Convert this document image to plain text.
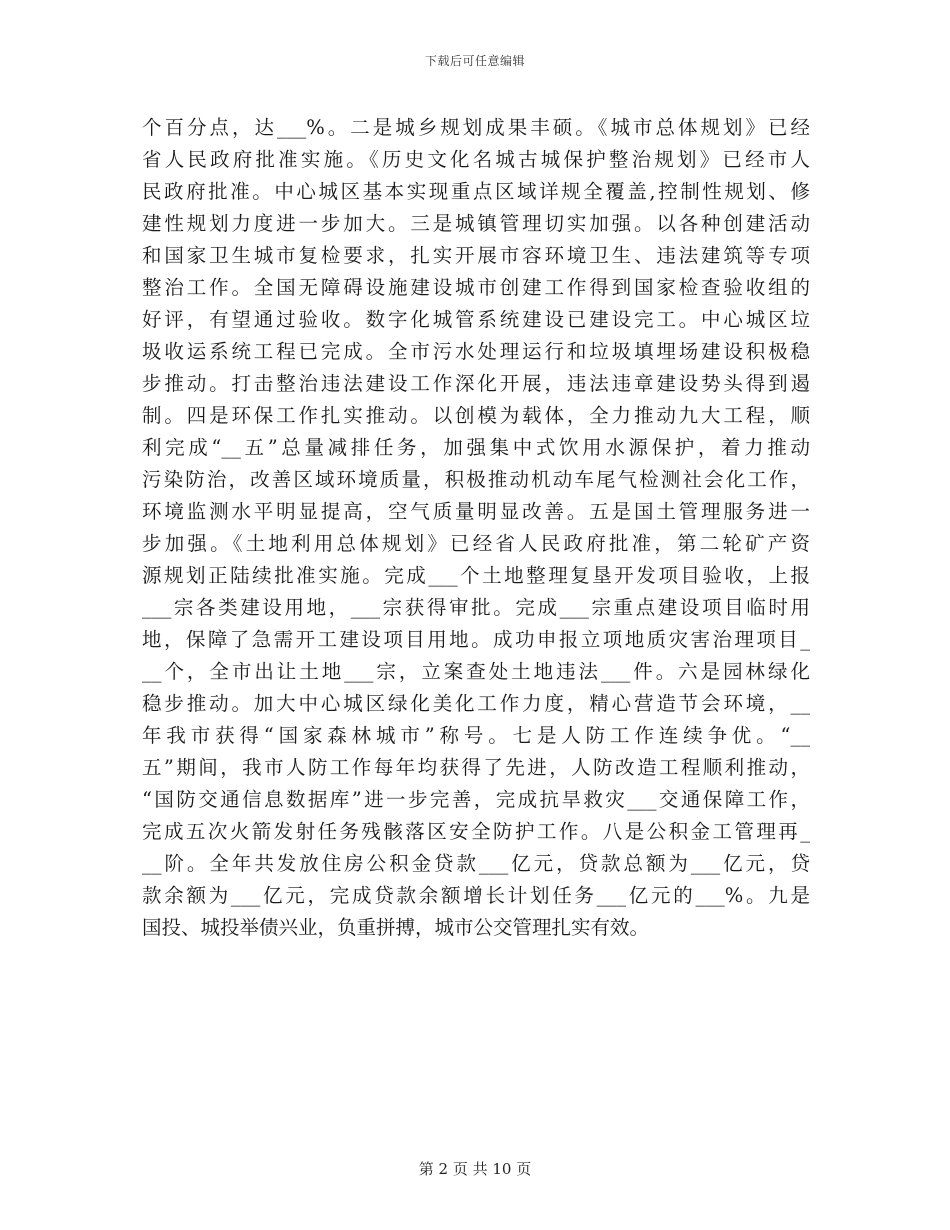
下载后可任意编辑
个百分点，达___%。二是城乡规划成果丰硕。《城市总体规划》已经
省人民政府批准实施。《历史文化名城古城保护整治规划》已经市人
民政府批准。中心城区基本实现重点区域详规全覆盖,控制性规划、修
建性规划力度进一步加大。三是城镇管理切实加强。以各种创建活动
和国家卫生城市复检要求，扎实开展市容环境卫生、违法建筑等专项
整治工作。全国无障碍设施建设城市创建工作得到国家检查验收组的
好评，有望通过验收。数字化城管系统建设已建设完工。中心城区垃
圾收运系统工程已完成。全市污水处理运行和垃圾填埋场建设积极稳
步推动。打击整治违法建设工作深化开展，违法违章建设势头得到遏
制。四是环保工作扎实推动。以创模为载体，全力推动九大工程，顺
利完成“__五”总量减排任务，加强集中式饮用水源保护，着力推动
污染防治，改善区域环境质量，积极推动机动车尾气检测社会化工作，
环境监测水平明显提高，空气质量明显改善。五是国土管理服务进一
步加强。《土地利用总体规划》已经省人民政府批准，第二轮矿产资
源规划正陆续批准实施。完成___个土地整理复垦开发项目验收，上报
___宗各类建设用地，___宗获得审批。完成___宗重点建设项目临时用
地，保障了急需开工建设项目用地。成功申报立项地质灾害治理项目_
__个，全市出让土地___宗，立案查处土地违法___件。六是园林绿化
稳步推动。加大中心城区绿化美化工作力度，精心营造节会环境，__
年我市获得“国家森林城市”称号。七是人防工作连续争优。“__
五”期间，我市人防工作每年均获得了先进，人防改造工程顺利推动，
“国防交通信息数据库”进一步完善，完成抗旱救灾___交通保障工作，
完成五次火箭发射任务残骸落区安全防护工作。八是公积金工管理再_
__阶。全年共发放住房公积金贷款___亿元，贷款总额为___亿元，贷
款余额为___亿元，完成贷款余额增长计划任务___亿元的___%。九是
国投、城投举债兴业，负重拼搏，城市公交管理扎实有效。
第 2 页 共 10 页
